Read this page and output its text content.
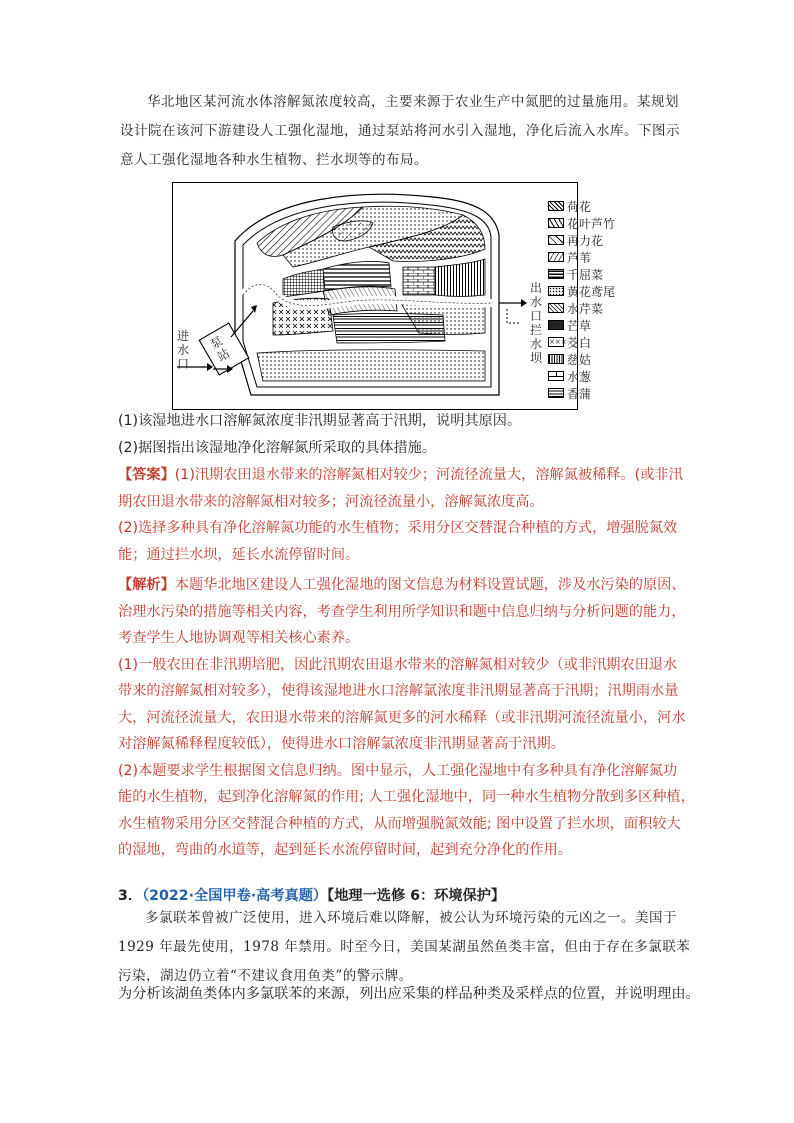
华北地区某河流水体溶解氮浓度较高，主要来源于农业生产中氮肥的过量施用。某规划

设计院在该河下游建设人工强化湿地，通过泵站将河水引入湿地，净化后流入水库。下图示

意人工强化湿地各种水生植物、拦水坝等的布局。

进水口
泵站
出水口
拦水坝
荷花
花叶芦竹
再力花
芦苇
千屈菜
黄花鸢尾
水芹菜
芒草
××× 茭白
慈姑
水葱
香蒲
(1)该湿地进水口溶解氮浓度非汛期显著高于汛期，说明其原因。
(2)据图指出该湿地净化溶解氮所采取的具体措施。

【答案】(1)汛期农田退水带来的溶解氮相对较少；河流径流量大，溶解氮被稀释。(或非汛

期农田退水带来的溶解氮相对较多；河流径流量小，溶解氮浓度高。

(2)选择多种具有净化溶解氮功能的水生植物；采用分区交替混合种植的方式，增强脱氮效

能；通过拦水坝，延长水流停留时间。

【解析】本题华北地区建设人工强化湿地的图文信息为材料设置试题，涉及水污染的原因、

治理水污染的措施等相关内容，考查学生利用所学知识和题中信息归纳与分析问题的能力，

考查学生人地协调观等相关核心素养。

(1)一般农田在非汛期培肥，因此汛期农田退水带来的溶解氮相对较少（或非汛期农田退水

带来的溶解氮相对较多），使得该湿地进水口溶解氯浓度非汛期显著高于汛期；汛期雨水量

大，河流径流量大，农田退水带来的溶解氮更多的河水稀释（或非汛期河流径流量小，河水

对溶解氮稀释程度较低），使得进水口溶解氯浓度非汛期显著高于汛期。

(2)本题要求学生根据图文信息归纳。图中显示，人工强化湿地中有多种具有净化溶解氮功

能的水生植物，起到净化溶解氮的作用; 人工强化湿地中，同一种水生植物分散到多区种植，

水生植物采用分区交替混合种植的方式，从而增强脱氮效能; 图中设置了拦水坝，面积较大

的湿地，弯曲的水道等，起到延长水流停留时间，起到充分净化的作用。

3．（2022·全国甲卷·高考真题）【地理一选修 6：环境保护】

多氯联苯曾被广泛使用，进入环境后难以降解，被公认为环境污染的元凶之一。美国于

1929 年最先使用，1978 年禁用。时至今日，美国某湖虽然鱼类丰富，但由于存在多氯联苯

污染，湖边仍立着“不建议食用鱼类”的警示牌。

为分析该湖鱼类体内多氯联苯的来源，列出应采集的样品种类及采样点的位置，并说明理由。
